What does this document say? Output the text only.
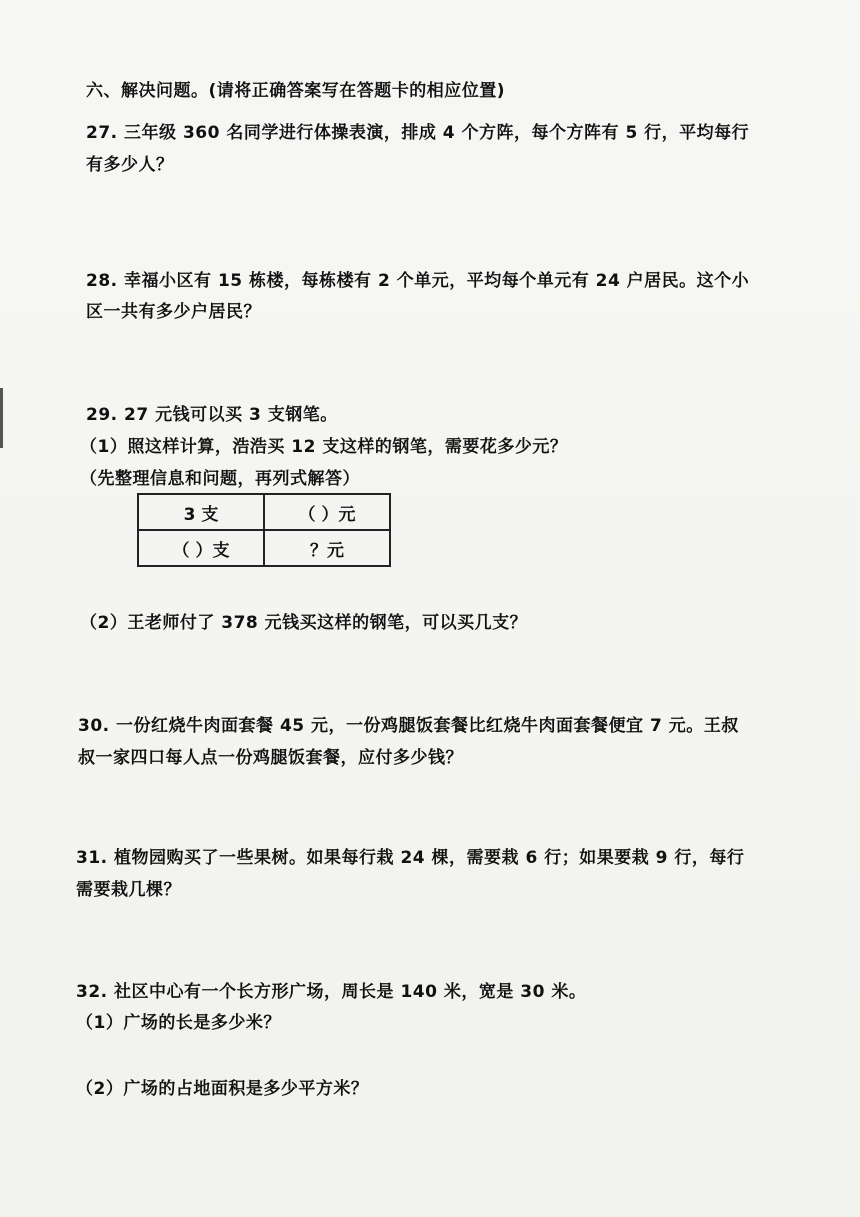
六、解决问题。(请将正确答案写在答题卡的相应位置)
27. 三年级 360 名同学进行体操表演，排成 4 个方阵，每个方阵有 5 行，平均每行
有多少人？
28. 幸福小区有 15 栋楼，每栋楼有 2 个单元，平均每个单元有 24 户居民。这个小
区一共有多少户居民？
29. 27 元钱可以买 3 支钢笔。
（1）照这样计算，浩浩买 12 支这样的钢笔，需要花多少元？
（先整理信息和问题，再列式解答）
3 支	（ ）元
（ ）支	？元
（2）王老师付了 378 元钱买这样的钢笔，可以买几支？
30. 一份红烧牛肉面套餐 45 元，一份鸡腿饭套餐比红烧牛肉面套餐便宜 7 元。王叔
叔一家四口每人点一份鸡腿饭套餐，应付多少钱？
31. 植物园购买了一些果树。如果每行栽 24 棵，需要栽 6 行；如果要栽 9 行，每行
需要栽几棵？
32. 社区中心有一个长方形广场，周长是 140 米，宽是 30 米。
（1）广场的长是多少米？
（2）广场的占地面积是多少平方米？
